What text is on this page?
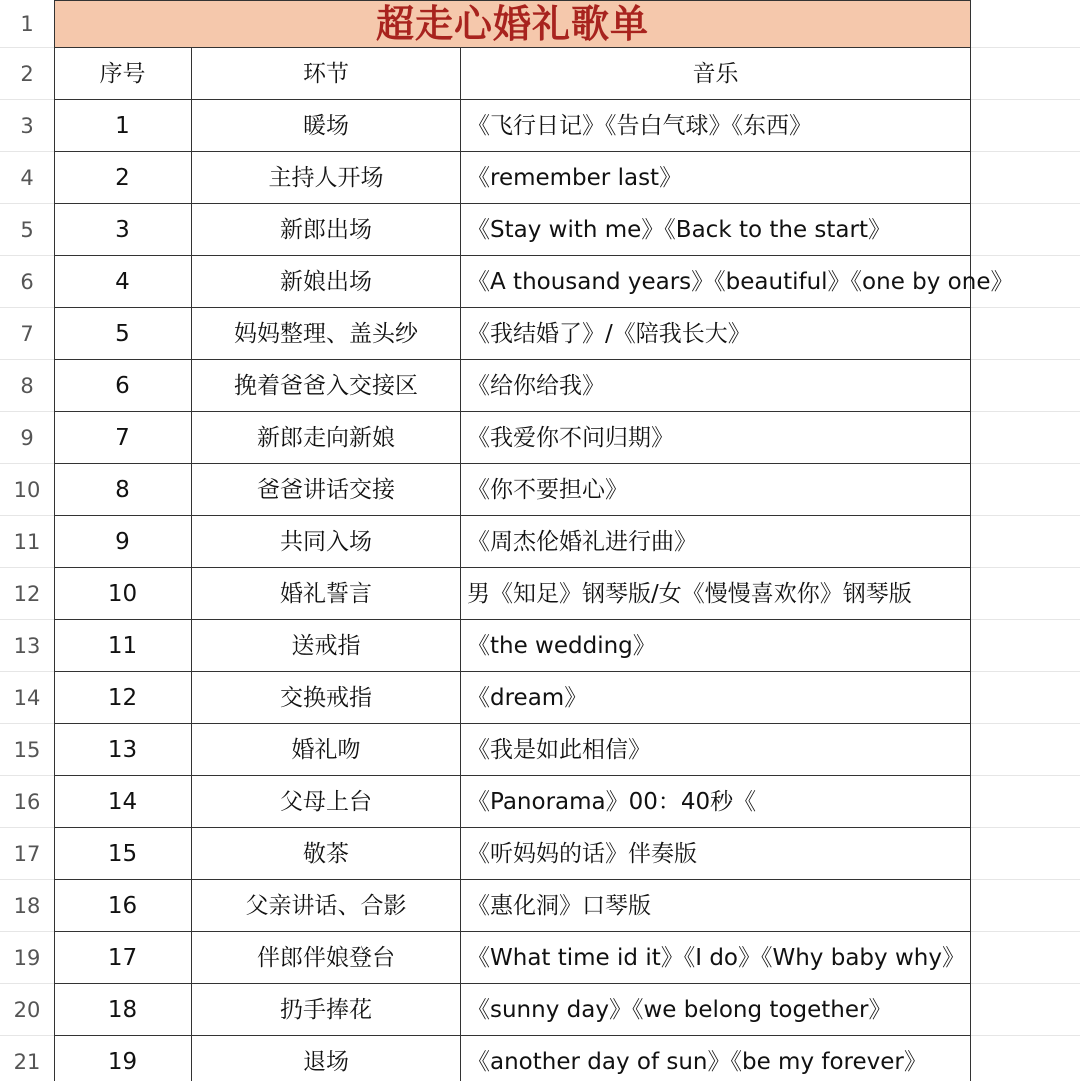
1	超走心婚礼歌单
2	序号	环节	音乐
3	1	暖场	《飞行日记》《告白气球》《东西》
4	2	主持人开场	《remember last》
5	3	新郎出场	《Stay with me》《Back to the start》
6	4	新娘出场	《A thousand years》《beautiful》《one by one》
7	5	妈妈整理、盖头纱	《我结婚了》/《陪我长大》
8	6	挽着爸爸入交接区	《给你给我》
9	7	新郎走向新娘	《我爱你不问归期》
10	8	爸爸讲话交接	《你不要担心》
11	9	共同入场	《周杰伦婚礼进行曲》
12	10	婚礼誓言	男《知足》钢琴版/女《慢慢喜欢你》钢琴版
13	11	送戒指	《the wedding》
14	12	交换戒指	《dream》
15	13	婚礼吻	《我是如此相信》
16	14	父母上台	《Panorama》00：40秒《
17	15	敬茶	《听妈妈的话》伴奏版
18	16	父亲讲话、合影	《惠化洞》口琴版
19	17	伴郎伴娘登台	《What time id it》《I do》《Why baby why》
20	18	扔手捧花	《sunny day》《we belong together》
21	19	退场	《another day of sun》《be my forever》
